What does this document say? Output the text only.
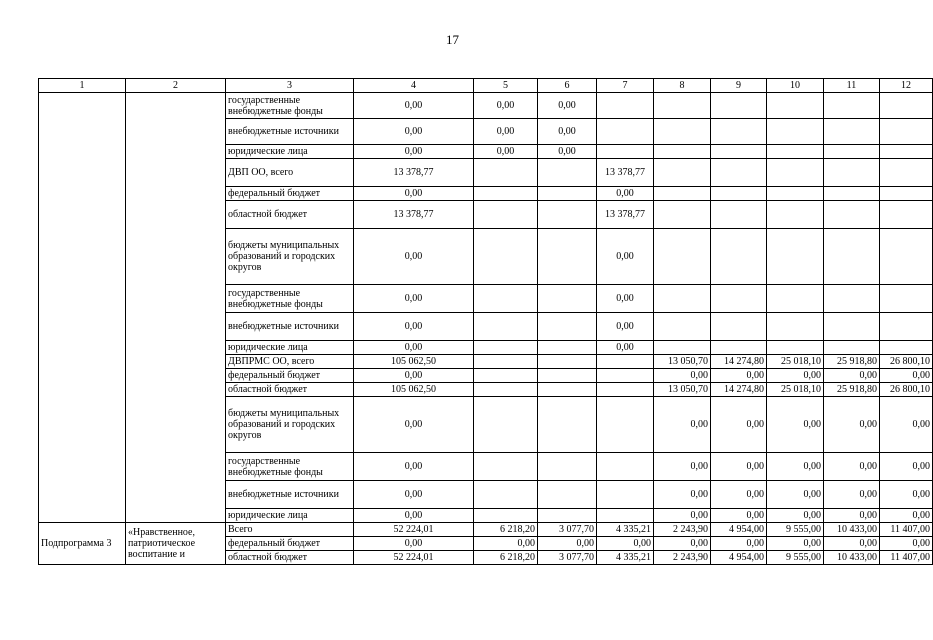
17
1	2	3	4	5	6	7	8	9	10	11	12
		государственные внебюджетные фонды	0,00	0,00	0,00						
		внебюджетные источники	0,00	0,00	0,00						
		юридические лица	0,00	0,00	0,00						
		ДВП ОО, всего	13 378,77			13 378,77					
		федеральный бюджет	0,00			0,00					
		областной бюджет	13 378,77			13 378,77					
		бюджеты муниципальных образований и городских округов	0,00			0,00					
		государственные внебюджетные фонды	0,00			0,00					
		внебюджетные источники	0,00			0,00					
		юридические лица	0,00			0,00					
		ДВПРМС ОО, всего	105 062,50				13 050,70	14 274,80	25 018,10	25 918,80	26 800,10
		федеральный бюджет	0,00				0,00	0,00	0,00	0,00	0,00
		областной бюджет	105 062,50				13 050,70	14 274,80	25 018,10	25 918,80	26 800,10
		бюджеты муниципальных образований и городских округов	0,00				0,00	0,00	0,00	0,00	0,00
		государственные внебюджетные фонды	0,00				0,00	0,00	0,00	0,00	0,00
		внебюджетные источники	0,00				0,00	0,00	0,00	0,00	0,00
		юридические лица	0,00				0,00	0,00	0,00	0,00	0,00
Подпрограмма 3	«Нравственное, патриотическое воспитание и	Всего	52 224,01	6 218,20	3 077,70	4 335,21	2 243,90	4 954,00	9 555,00	10 433,00	11 407,00
		федеральный бюджет	0,00	0,00	0,00	0,00	0,00	0,00	0,00	0,00	0,00
		областной бюджет	52 224,01	6 218,20	3 077,70	4 335,21	2 243,90	4 954,00	9 555,00	10 433,00	11 407,00
